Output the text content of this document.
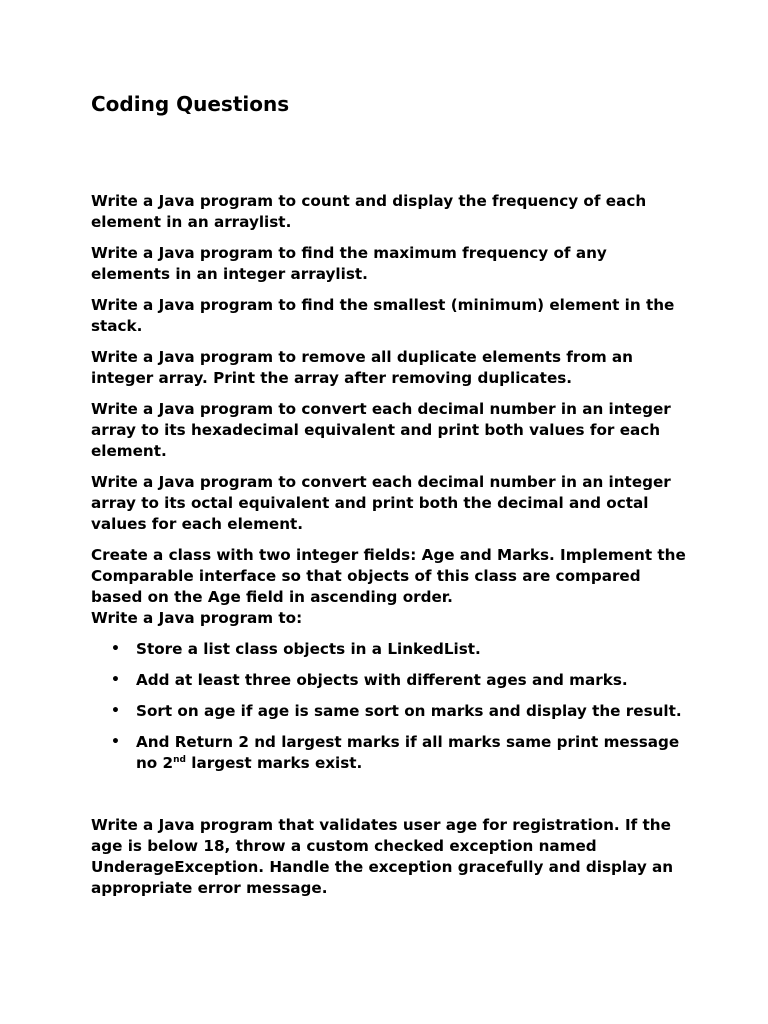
Coding Questions

Write a Java program to count and display the frequency of each element in an arraylist.

Write a Java program to find the maximum frequency of any elements in an integer arraylist.

Write a Java program to find the smallest (minimum) element in the stack.

Write a Java program to remove all duplicate elements from an integer array. Print the array after removing duplicates.

Write a Java program to convert each decimal number in an integer array to its hexadecimal equivalent and print both values for each element.

Write a Java program to convert each decimal number in an integer array to its octal equivalent and print both the decimal and octal values for each element.

Create a class with two integer fields: Age and Marks. Implement the Comparable interface so that objects of this class are compared based on the Age field in ascending order.

Write a Java program to:

• Store a list class objects in a LinkedList.
• Add at least three objects with different ages and marks.
• Sort on age if age is same sort on marks and display the result.
• And Return 2 nd largest marks if all marks same print message no 2nd largest marks exist.

Write a Java program that validates user age for registration. If the age is below 18, throw a custom checked exception named UnderageException. Handle the exception gracefully and display an appropriate error message.
